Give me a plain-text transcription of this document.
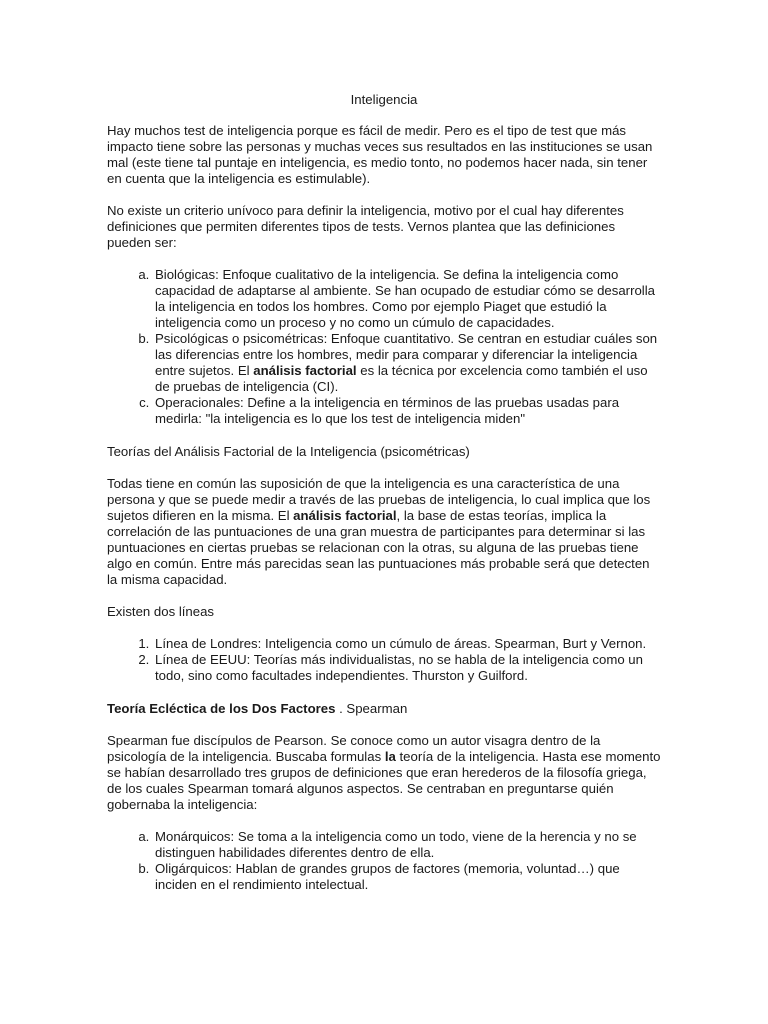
Inteligencia

Hay muchos test de inteligencia porque es fácil de medir. Pero es el tipo de test que más impacto tiene sobre las personas y muchas veces sus resultados en las instituciones se usan mal (este tiene tal puntaje en inteligencia, es medio tonto, no podemos hacer nada, sin tener en cuenta que la inteligencia es estimulable).

No existe un criterio unívoco para definir la inteligencia, motivo por el cual hay diferentes definiciones que permiten diferentes tipos de tests. Vernos plantea que las definiciones pueden ser:

a. Biológicas: Enfoque cualitativo de la inteligencia. Se defina la inteligencia como capacidad de adaptarse al ambiente. Se han ocupado de estudiar cómo se desarrolla la inteligencia en todos los hombres. Como por ejemplo Piaget que estudió la inteligencia como un proceso y no como un cúmulo de capacidades.
b. Psicológicas o psicométricas: Enfoque cuantitativo. Se centran en estudiar cuáles son las diferencias entre los hombres, medir para comparar y diferenciar la inteligencia entre sujetos. El análisis factorial es la técnica por excelencia como también el uso de pruebas de inteligencia (CI).
c. Operacionales: Define a la inteligencia en términos de las pruebas usadas para medirla: "la inteligencia es lo que los test de inteligencia miden"

Teorías del Análisis Factorial de la Inteligencia (psicométricas)

Todas tiene en común las suposición de que la inteligencia es una característica de una persona y que se puede medir a través de las pruebas de inteligencia, lo cual implica que los sujetos difieren en la misma. El análisis factorial, la base de estas teorías, implica la correlación de las puntuaciones de una gran muestra de participantes para determinar si las puntuaciones en ciertas pruebas se relacionan con la otras, su alguna de las pruebas tiene algo en común. Entre más parecidas sean las puntuaciones más probable será que detecten la misma capacidad.

Existen dos líneas

1. Línea de Londres: Inteligencia como un cúmulo de áreas. Spearman, Burt y Vernon.
2. Línea de EEUU: Teorías más individualistas, no se habla de la inteligencia como un todo, sino como facultades independientes. Thurston y Guilford.

Teoría Ecléctica de los Dos Factores . Spearman

Spearman fue discípulos de Pearson. Se conoce como un autor visagra dentro de la psicología de la inteligencia. Buscaba formulas la teoría de la inteligencia. Hasta ese momento se habían desarrollado tres grupos de definiciones que eran herederos de la filosofía griega, de los cuales Spearman tomará algunos aspectos. Se centraban en preguntarse quién gobernaba la inteligencia:

a. Monárquicos: Se toma a la inteligencia como un todo, viene de la herencia y no se distinguen habilidades diferentes dentro de ella.
b. Oligárquicos: Hablan de grandes grupos de factores (memoria, voluntad…) que inciden en el rendimiento intelectual.
